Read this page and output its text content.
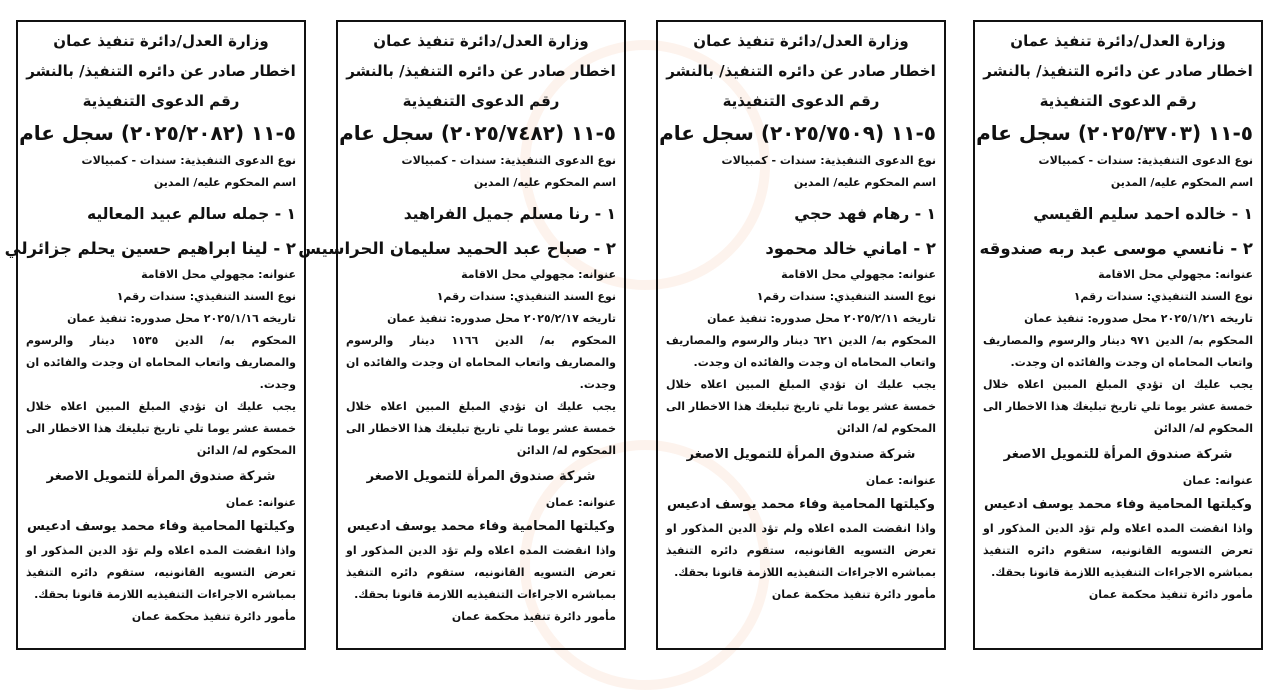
وزارة العدل/دائرة تنفيذ عمان
اخطار صادر عن دائره التنفيذ/ بالنشر
رقم الدعوى التنفيذية
٥-١١ (٢٠٢٥/٢٠٨٢) سجل عام
نوع الدعوى التنفيذية: سندات - كمبيالات
اسم المحكوم عليه/ المدين
١ - جمله سالم عبيد المعاليه
٢ - لينا ابراهيم حسين يحلم جزائرلي
عنوانه: مجهولي محل الاقامة
نوع السند التنفيذي: سندات رقم١
تاريخه ٢٠٢٥/١/١٦ محل صدوره: تنفيذ عمان
المحكوم به/ الدين ١٥٣٥ دينار والرسوم والمصاريف واتعاب المحاماه ان وجدت والفائده ان وجدت.
يجب عليك ان تؤدي المبلغ المبين اعلاه خلال خمسة عشر يوما تلي تاريخ تبليغك هذا الاخطار الى المحكوم له/ الدائن
شركة صندوق المرأة للتمويل الاصغر
عنوانه: عمان
وكيلتها المحامية وفاء محمد يوسف ادعيس
واذا انقضت المده اعلاه ولم تؤد الدين المذكور او تعرض التسويه القانونيه، ستقوم دائره التنفيذ بمباشره الاجراءات التنفيذيه اللازمة قانونا بحقك.
مأمور دائرة تنفيذ محكمة عمان
وزارة العدل/دائرة تنفيذ عمان
اخطار صادر عن دائره التنفيذ/ بالنشر
رقم الدعوى التنفيذية
٥-١١ (٢٠٢٥/٧٤٨٢) سجل عام
نوع الدعوى التنفيذية: سندات - كمبيالات
اسم المحكوم عليه/ المدين
١ - رنا مسلم جميل الفراهيد
٢ - صباح عبد الحميد سليمان الحراسيس
عنوانه: مجهولي محل الاقامة
نوع السند التنفيذي: سندات رقم١
تاريخه ٢٠٢٥/٢/١٧ محل صدوره: تنفيذ عمان
المحكوم به/ الدين ١١٦٦ دينار والرسوم والمصاريف واتعاب المحاماه ان وجدت والفائده ان وجدت.
يجب عليك ان تؤدي المبلغ المبين اعلاه خلال خمسة عشر يوما تلي تاريخ تبليغك هذا الاخطار الى المحكوم له/ الدائن
شركة صندوق المرأة للتمويل الاصغر
عنوانه: عمان
وكيلتها المحامية وفاء محمد يوسف ادعيس
واذا انقضت المده اعلاه ولم تؤد الدين المذكور او تعرض التسويه القانونيه، ستقوم دائره التنفيذ بمباشره الاجراءات التنفيذيه اللازمة قانونا بحقك.
مأمور دائرة تنفيذ محكمة عمان
وزارة العدل/دائرة تنفيذ عمان
اخطار صادر عن دائره التنفيذ/ بالنشر
رقم الدعوى التنفيذية
٥-١١ (٢٠٢٥/٧٥٠٩) سجل عام
نوع الدعوى التنفيذية: سندات - كمبيالات
اسم المحكوم عليه/ المدين
١ - رهام فهد حجي
٢ - اماني خالد محمود
عنوانه: مجهولي محل الاقامة
نوع السند التنفيذي: سندات رقم١
تاريخه ٢٠٢٥/٢/١١ محل صدوره: تنفيذ عمان
المحكوم به/ الدين ٦٢١ دينار والرسوم والمصاريف واتعاب المحاماه ان وجدت والفائده ان وجدت.
يجب عليك ان تؤدي المبلغ المبين اعلاه خلال خمسة عشر يوما تلي تاريخ تبليغك هذا الاخطار الى المحكوم له/ الدائن
شركة صندوق المرأة للتمويل الاصغر
عنوانه: عمان
وكيلتها المحامية وفاء محمد يوسف ادعيس
واذا انقضت المده اعلاه ولم تؤد الدين المذكور او تعرض التسويه القانونيه، ستقوم دائره التنفيذ بمباشره الاجراءات التنفيذيه اللازمة قانونا بحقك.
مأمور دائرة تنفيذ محكمة عمان
وزارة العدل/دائرة تنفيذ عمان
اخطار صادر عن دائره التنفيذ/ بالنشر
رقم الدعوى التنفيذية
٥-١١ (٢٠٢٥/٣٧٠٣) سجل عام
نوع الدعوى التنفيذية: سندات - كمبيالات
اسم المحكوم عليه/ المدين
١ - خالده احمد سليم القيسي
٢ - نانسي موسى عبد ربه صندوقه
عنوانه: مجهولي محل الاقامة
نوع السند التنفيذي: سندات رقم١
تاريخه ٢٠٢٥/١/٢١ محل صدوره: تنفيذ عمان
المحكوم به/ الدين ٩٧١ دينار والرسوم والمصاريف واتعاب المحاماه ان وجدت والفائده ان وجدت.
يجب عليك ان تؤدي المبلغ المبين اعلاه خلال خمسة عشر يوما تلي تاريخ تبليغك هذا الاخطار الى المحكوم له/ الدائن
شركة صندوق المرأة للتمويل الاصغر
عنوانه: عمان
وكيلتها المحامية وفاء محمد يوسف ادعيس
واذا انقضت المده اعلاه ولم تؤد الدين المذكور او تعرض التسويه القانونيه، ستقوم دائره التنفيذ بمباشره الاجراءات التنفيذيه اللازمة قانونا بحقك.
مأمور دائرة تنفيذ محكمة عمان
